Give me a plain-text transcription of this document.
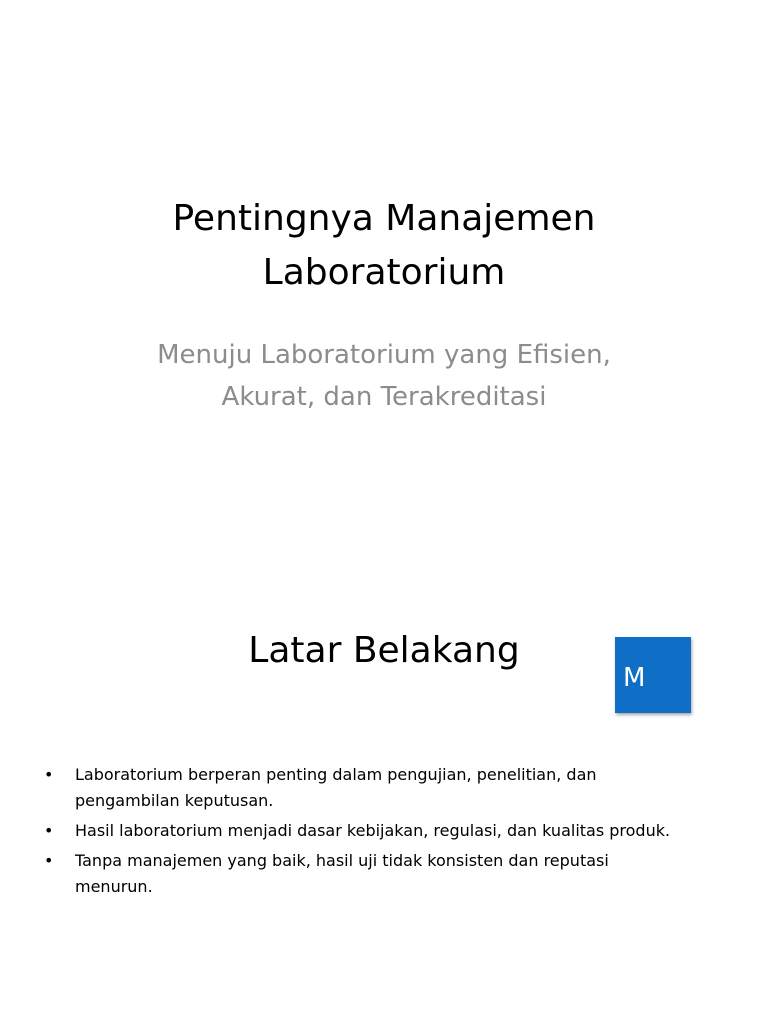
Pentingnya Manajemen
Laboratorium

Menuju Laboratorium yang Efisien,
Akurat, dan Terakreditasi

Latar Belakang
M
• Laboratorium berperan penting dalam pengujian, penelitian, dan
pengambilan keputusan.
• Hasil laboratorium menjadi dasar kebijakan, regulasi, dan kualitas produk.
• Tanpa manajemen yang baik, hasil uji tidak konsisten dan reputasi
menurun.
